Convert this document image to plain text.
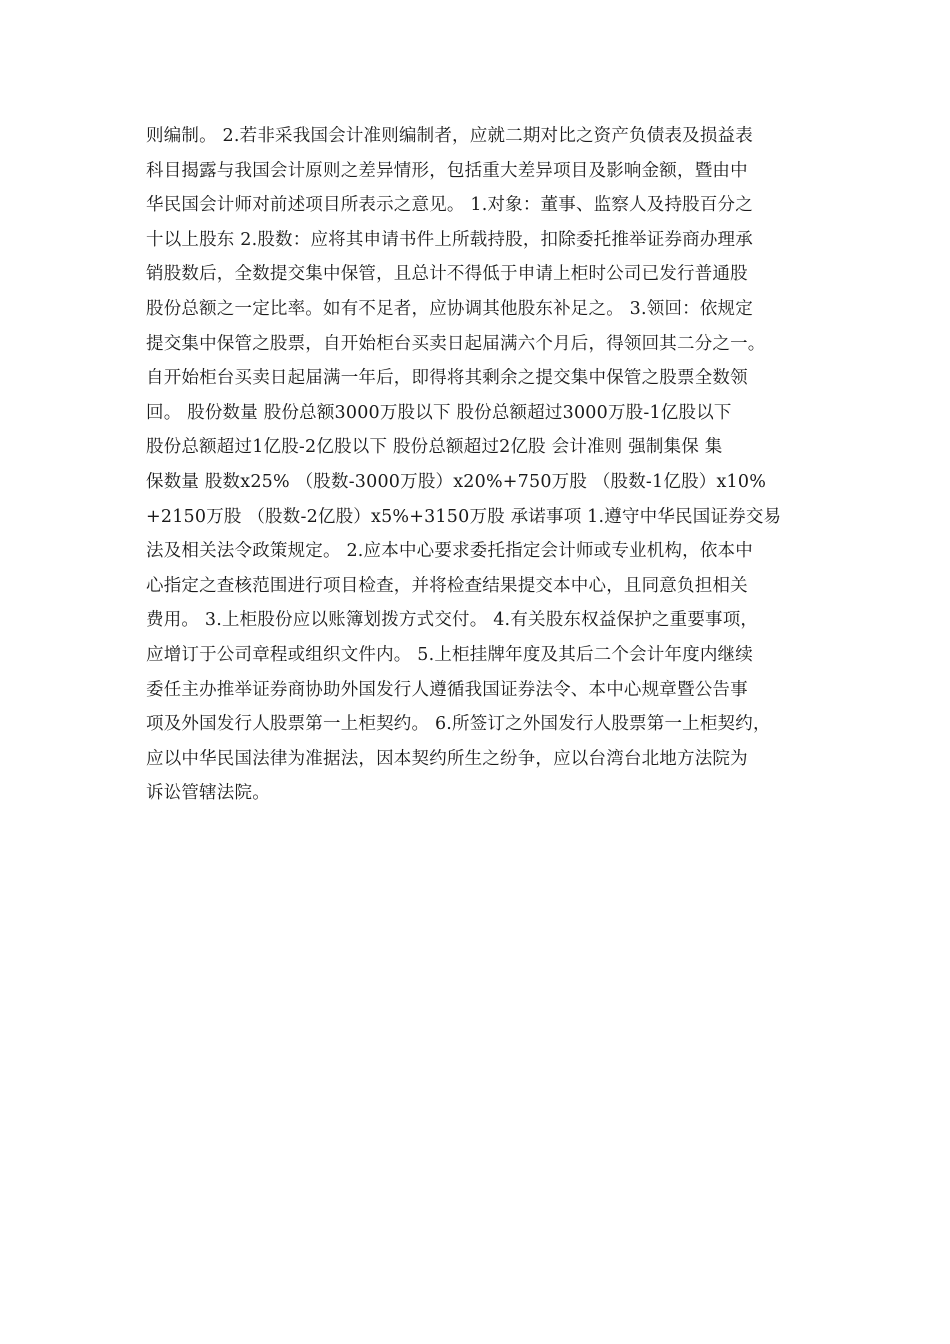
则编制。 2.若非采我国会计准则编制者，应就二期对比之资产负债表及损益表
科目揭露与我国会计原则之差异情形，包括重大差异项目及影响金额，暨由中
华民国会计师对前述项目所表示之意见。 1.对象：董事、监察人及持股百分之
十以上股东 2.股数：应将其申请书件上所载持股，扣除委托推举证券商办理承
销股数后，全数提交集中保管，且总计不得低于申请上柜时公司已发行普通股
股份总额之一定比率。如有不足者，应协调其他股东补足之。 3.领回：依规定
提交集中保管之股票，自开始柜台买卖日起届满六个月后，得领回其二分之一。
自开始柜台买卖日起届满一年后，即得将其剩余之提交集中保管之股票全数领
回。 股份数量 股份总额3000万股以下 股份总额超过3000万股-1亿股以下
股份总额超过1亿股-2亿股以下 股份总额超过2亿股 会计准则 强制集保 集
保数量 股数x25% （股数-3000万股）x20%+750万股 （股数-1亿股）x10%
+2150万股 （股数-2亿股）x5%+3150万股 承诺事项 1.遵守中华民国证券交易
法及相关法令政策规定。 2.应本中心要求委托指定会计师或专业机构，依本中
心指定之查核范围进行项目检查，并将检查结果提交本中心，且同意负担相关
费用。 3.上柜股份应以账簿划拨方式交付。 4.有关股东权益保护之重要事项，
应增订于公司章程或组织文件内。 5.上柜挂牌年度及其后二个会计年度内继续
委任主办推举证券商协助外国发行人遵循我国证券法令、本中心规章暨公告事
项及外国发行人股票第一上柜契约。 6.所签订之外国发行人股票第一上柜契约，
应以中华民国法律为准据法，因本契约所生之纷争，应以台湾台北地方法院为
诉讼管辖法院。
